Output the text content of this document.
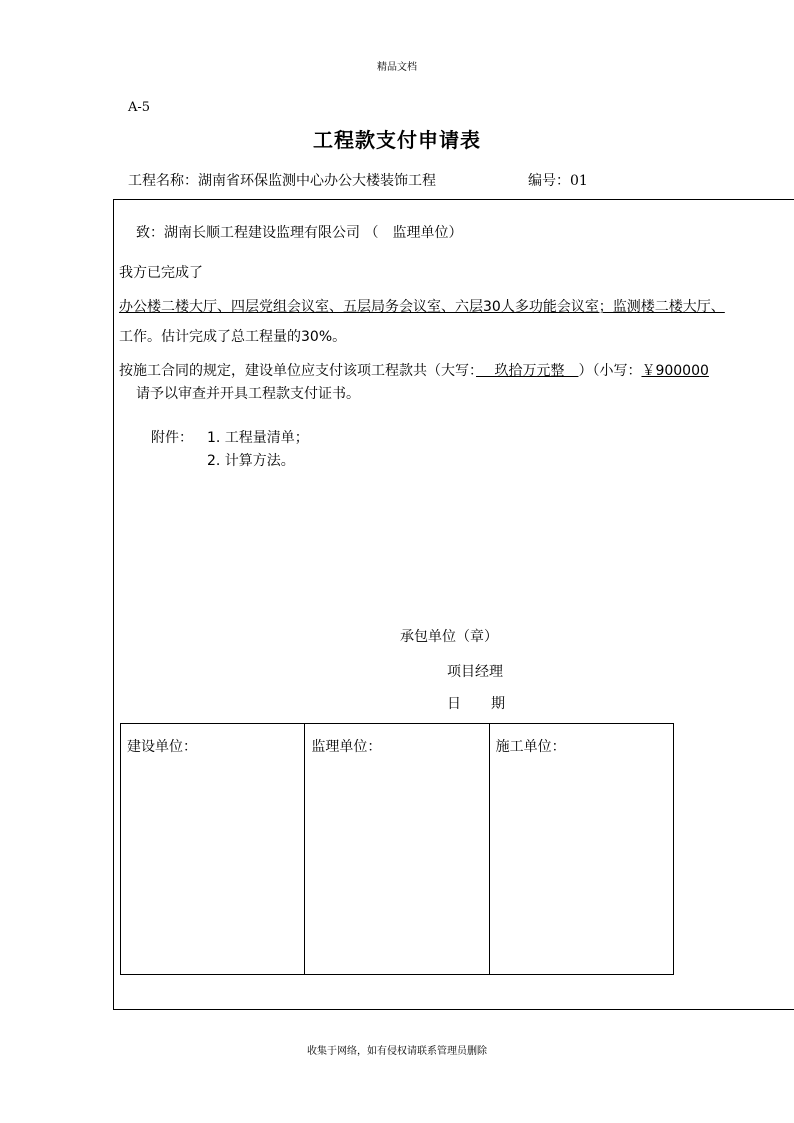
精品文档
A-5
工程款支付申请表
工程名称：湖南省环保监测中心办公大楼装饰工程	编号：01
致：湖南长顺工程建设监理有限公司 （　监理单位）
我方已完成了
办公楼二楼大厅、四层党组会议室、五层局务会议室、六层30人多功能会议室；监测楼二楼大厅、
工作。估计完成了总工程量的30%。
按施工合同的规定，建设单位应支付该项工程款共（大写：　 玖拾万元整　）（小写：￥900000
请予以审查并开具工程款支付证书。
附件： 1. 工程量清单；
2. 计算方法。
承包单位（章）
项目经理
日 期
建设单位：	监理单位：	施工单位：
收集于网络，如有侵权请联系管理员删除
